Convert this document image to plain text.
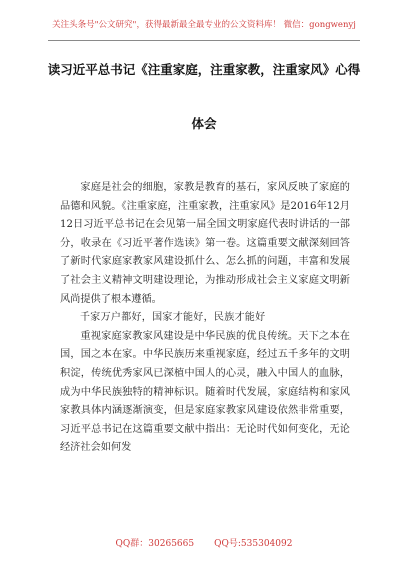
关注头条号"公文研究"，获得最新最全最专业的公文资料库！ 微信：gongwenyj
读习近平总书记《注重家庭，注重家教，注重家风》心得
体会

家庭是社会的细胞，家教是教育的基石，家风反映了家庭的品德和风貌。《注重家庭，注重家教，注重家风》是2016年12月12日习近平总书记在会见第一届全国文明家庭代表时讲话的一部分，收录在《习近平著作选读》第一卷。这篇重要文献深刻回答了新时代家庭家教家风建设抓什么、怎么抓的问题，丰富和发展了社会主义精神文明建设理论，为推动形成社会主义家庭文明新风尚提供了根本遵循。

千家万户都好，国家才能好，民族才能好

重视家庭家教家风建设是中华民族的优良传统。天下之本在国，国之本在家。中华民族历来重视家庭，经过五千多年的文明积淀，传统优秀家风已深植中国人的心灵，融入中国人的血脉，成为中华民族独特的精神标识。随着时代发展，家庭结构和家风家教具体内涵逐渐演变，但是家庭家教家风建设依然非常重要，习近平总书记在这篇重要文献中指出：无论时代如何变化，无论经济社会如何发

QQ群：30265665 QQ号:535304092
